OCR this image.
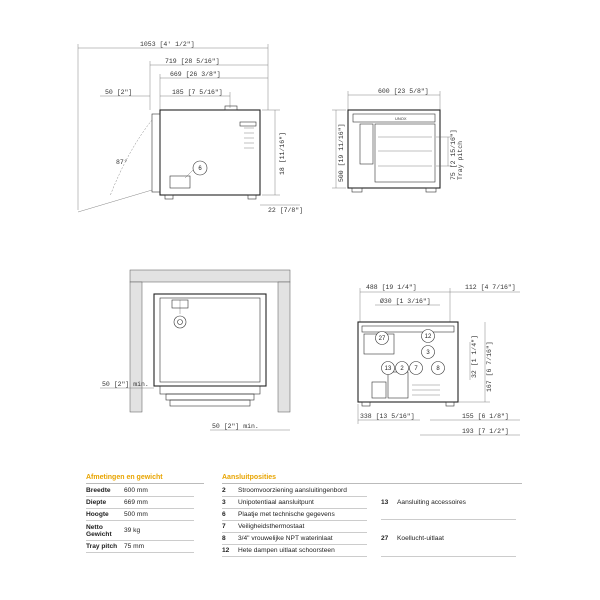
1053 [4' 1/2"]
719 [28 5/16"]
669 [26 3/8"]
50 [2"]	185 [7 5/16"]
6
87°	18 [11/16"]
22 [7/8"]
600 [23 5/8"]
UNOX
500 [19 11/16"]	75 [2 15/16"] Tray pitch
50 [2"] min.
50 [2"] min.
488 [19 1/4"]	112 [4 7/16"]
Ø30 [1 3/16"]
27	12
3
13 2 7	8	32 [1 1/4"] 167 [6 7/16"]
338 [13 5/16"]	155 [6 1/8"]
193 [7 1/2"]
Afmetingen en gewicht
Breedte	600 mm
Diepte	669 mm
Hoogte	500 mm
Netto Gewicht	39 kg
Tray pitch	75 mm
Aansluitposities
2	Stroomvoorziening aansluitingenbord
3	Unipotentiaal aansluitpunt
6	Plaatje met technische gegevens
7	Veiligheidsthermostaat
8	3/4" vrouwelijke NPT waterinlaat
12	Hete dampen uitlaat schoorsteen
13	Aansluiting accessoires
27	Koellucht-uitlaat
